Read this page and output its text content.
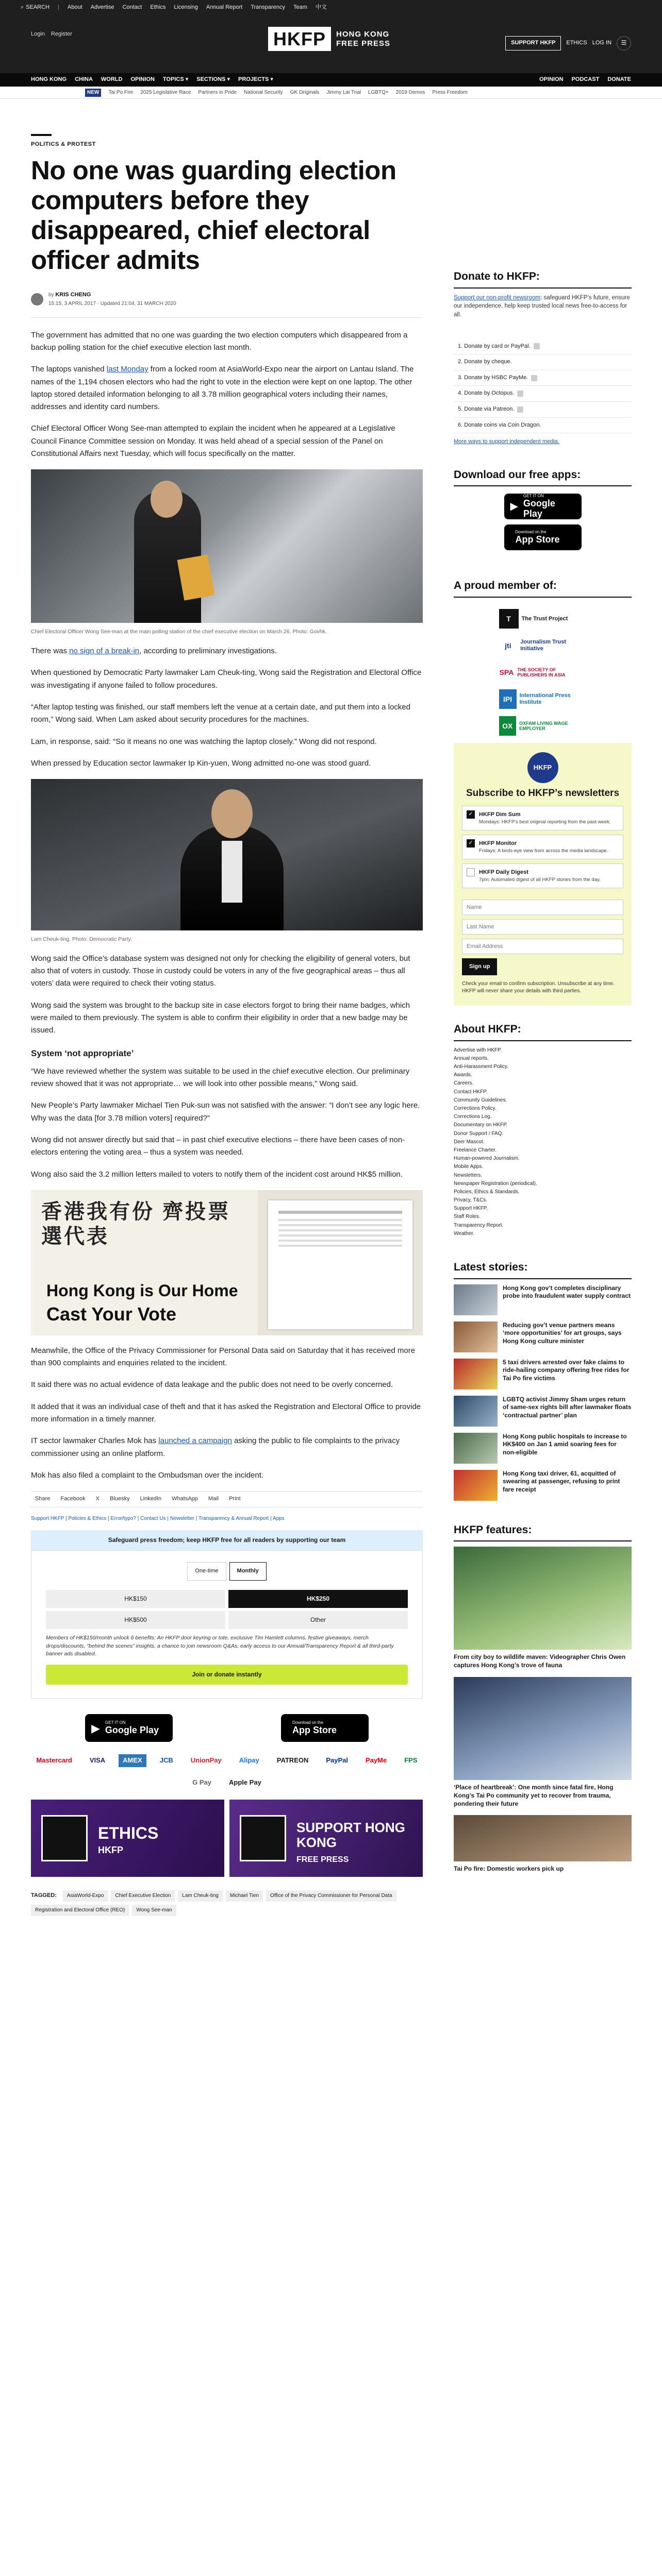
⌕ SEARCH | About Advertise Contact Ethics Licensing Annual Report Transparency Team 中文
Login Register	HKFP	HONG KONG
FREE PRESS	SUPPORT HKFP	ETHICS LOG IN	☰
HONG KONG CHINA WORLD OPINION TOPICS ▾ SECTIONS ▾ PROJECTS ▾	OPINION PODCAST DONATE
NEW	Tai Po Fire 2025 Legislative Race Partners in Pride National Security GK Originals Jimmy Lai Trial LGBTQ+ 2019 Demos Press Freedom
POLITICS & PROTEST
No one was guarding election computers before they disappeared, chief electoral officer admits
by KRIS CHENG
15:15, 3 APRIL 2017 · Updated 21:04, 31 MARCH 2020

The government has admitted that no one was guarding the two election computers which disappeared from a backup polling station for the chief executive election last month.

The laptops vanished last Monday from a locked room at AsiaWorld-Expo near the airport on Lantau Island. The names of the 1,194 chosen electors who had the right to vote in the election were kept on one laptop. The other laptop stored detailed information belonging to all 3.78 million geographical voters including their names, addresses and identity card numbers.

Chief Electoral Officer Wong See-man attempted to explain the incident when he appeared at a Legislative Council Finance Committee session on Monday. It was held ahead of a special session of the Panel on Constitutional Affairs next Tuesday, which will focus specifically on the matter.

Chief Electoral Officer Wong See-man at the main polling station of the chief executive election on March 26. Photo: Govhk.

There was no sign of a break-in, according to preliminary investigations.

When questioned by Democratic Party lawmaker Lam Cheuk-ting, Wong said the Registration and Electoral Office was investigating if anyone failed to follow procedures.

“After laptop testing was finished, our staff members left the venue at a certain date, and put them into a locked room,” Wong said. When Lam asked about security procedures for the machines.

Lam, in response, said: “So it means no one was watching the laptop closely.” Wong did not respond.

When pressed by Education sector lawmaker Ip Kin-yuen, Wong admitted no-one was stood guard.

Lam Cheuk-ting. Photo: Democratic Party.

Wong said the Office’s database system was designed not only for checking the eligibility of general voters, but also that of voters in custody. Those in custody could be voters in any of the five geographical areas – thus all voters’ data were required to check their voting status.

Wong said the system was brought to the backup site in case electors forgot to bring their name badges, which were mailed to them previously. The system is able to confirm their eligibility in order that a new badge may be issued.

System ‘not appropriate’

“We have reviewed whether the system was suitable to be used in the chief executive election. Our preliminary review showed that it was not appropriate… we will look into other possible means,” Wong said.

New People’s Party lawmaker Michael Tien Puk-sun was not satisfied with the answer: “I don’t see any logic here. Why was the data [for 3.78 million voters] required?”

Wong did not answer directly but said that – in past chief executive elections – there have been cases of non-electors entering the voting area – thus a system was needed.

Wong also said the 3.2 million letters mailed to voters to notify them of the incident cost around HK$5 million.

香港我有份 齊投票 選代表
Hong Kong is Our Home
Cast Your Vote

Meanwhile, the Office of the Privacy Commissioner for Personal Data said on Saturday that it has received more than 900 complaints and enquiries related to the incident.

It said there was no actual evidence of data leakage and the public does not need to be overly concerned.

It added that it was an individual case of theft and that it has asked the Registration and Electoral Office to provide more information in a timely manner.

IT sector lawmaker Charles Mok has launched a campaign asking the public to file complaints to the privacy commissioner using an online platform.

Mok has also filed a complaint to the Ombudsman over the incident.

Share Facebook X Bluesky LinkedIn WhatsApp Mail Print
Support HKFP | Policies & Ethics | Error/typo? | Contact Us | Newsletter | Transparency & Annual Report | Apps
Safeguard press freedom; keep HKFP free for all readers by supporting our team
One-time	Monthly
HK$150	HK$250
HK$500	Other
Members of HK$150/month unlock 6 benefits: An HKFP door keyring or tote, exclusive Tim Hamlett columns, festive giveaways, merch drops/discounts, “behind the scenes” insights, a chance to join newsroom Q&As, early access to our Annual/Transparency Report & all third-party banner ads disabled.
Join or donate instantly
▶ GET IT ON
Google Play
Download on the
App Store
Mastercard	VISA	AMEX	JCB	UnionPay	Alipay	PATREON	PayPal	PayMe	FPS
G Pay	Apple Pay
ETHICS
HKFP
SUPPORT HONG KONG
FREE PRESS
TAGGED:	AsiaWorld-Expo	Chief Executive Election	Lam Cheuk-ting	Michael Tien	Office of the Privacy Commissioner for Personal Data
Registration and Electoral Office (REO)	Wong See-man
Donate to HKFP:
Support our non-profit newsroom: safeguard HKFP’s future, ensure our independence, help keep trusted local news free-to-access for all.
1. Donate by card or PayPal.
2. Donate by cheque.
3. Donate by HSBC PayMe.
4. Donate by Octopus.
5. Donate via Patreon.
6. Donate coins via Coin Dragon.
More ways to support independent media.
Download our free apps:
▶
GET IT ON
Google Play
Download on the
App Store
A proud member of:
T	The Trust Project
jti	Journalism Trust Initiative
SPA THE SOCIETY OF PUBLISHERS IN ASIA
IPI	International Press Institute
OX	OXFAM LIVING WAGE EMPLOYER
HKFP
Subscribe to HKFP’s newsletters
✓	HKFP Dim Sum
Mondays: HKFP’s best original reporting from the past week.
✓	HKFP Monitor
Fridays: A birds-eye view from across the media landscape.
HKFP Daily Digest
7pm: Automated digest of all HKFP stories from the day.
Name Last Name Email Address Sign up
Check your email to confirm subscription. Unsubscribe at any time. HKFP will never share your details with third parties.
About HKFP:
Advertise with HKFP.
Annual reports.
Anti-Harassment Policy.
Awards.
Careers.
Contact HKFP.
Community Guidelines.
Corrections Policy.
Corrections Log.
Documentary on HKFP.
Donor Support / FAQ.
Deer Mascot.
Freelance Charter.
Human-powered Journalism.
Mobile Apps.
Newsletters.
Newspaper Registration (periodical).
Policies, Ethics & Standards.
Privacy, T&Cs.
Support HKFP.
Staff Roles.
Transparency Report.
Weather.
Latest stories:
Hong Kong gov’t completes disciplinary probe into fraudulent water supply contract
Reducing gov’t venue partners means ‘more opportunities’ for art groups, says Hong Kong culture minister
5 taxi drivers arrested over fake claims to ride-hailing company offering free rides for Tai Po fire victims
LGBTQ activist Jimmy Sham urges return of same-sex rights bill after lawmaker floats ‘contractual partner’ plan
Hong Kong public hospitals to increase to HK$400 on Jan 1 amid soaring fees for non-eligible
Hong Kong taxi driver, 61, acquitted of swearing at passenger, refusing to print fare receipt
HKFP features:
From city boy to wildlife maven: Videographer Chris Owen captures Hong Kong’s trove of fauna
‘Place of heartbreak’: One month since fatal fire, Hong Kong’s Tai Po community yet to recover from trauma, pondering their future
Tai Po fire: Domestic workers pick up
